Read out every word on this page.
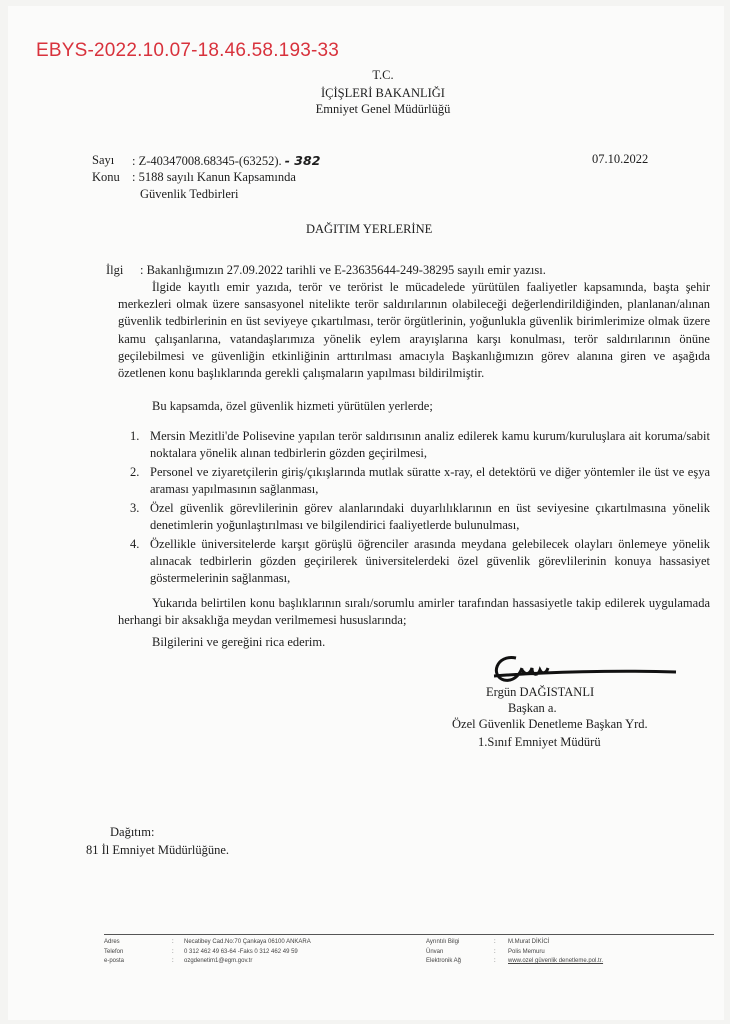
EBYS-2022.10.07-18.46.58.193-33
T.C.
İÇİŞLERİ BAKANLIĞI
Emniyet Genel Müdürlüğü
Sayı : Z-40347008.68345-(63252). - 382	07.10.2022
Konu : 5188 sayılı Kanun Kapsamında
Güvenlik Tedbirleri
DAĞITIM YERLERİNE
İlgi : Bakanlığımızın 27.09.2022 tarihli ve E-23635644-249-38295 sayılı emir yazısı.
İlgide kayıtlı emir yazıda, terör ve terörist le mücadelede yürütülen faaliyetler kapsamında, başta şehir merkezleri olmak üzere sansasyonel nitelikte terör saldırılarının olabileceği değerlendirildiğinden, planlanan/alınan güvenlik tedbirlerinin en üst seviyeye çıkartılması, terör örgütlerinin, yoğunlukla güvenlik birimlerimize olmak üzere kamu çalışanlarına, vatandaşlarımıza yönelik eylem arayışlarına karşı konulması, terör saldırılarının önüne geçilebilmesi ve güvenliğin etkinliğinin arttırılması amacıyla Başkanlığımızın görev alanına giren ve aşağıda özetlenen konu başlıklarında gerekli çalışmaların yapılması bildirilmiştir.
Bu kapsamda, özel güvenlik hizmeti yürütülen yerlerde;
1. Mersin Mezitli'de Polisevine yapılan terör saldırısının analiz edilerek kamu kurum/kuruluşlara ait koruma/sabit noktalara yönelik alınan tedbirlerin gözden geçirilmesi,
2. Personel ve ziyaretçilerin giriş/çıkışlarında mutlak süratte x-ray, el detektörü ve diğer yöntemler ile üst ve eşya araması yapılmasının sağlanması,
3. Özel güvenlik görevlilerinin görev alanlarındaki duyarlılıklarının en üst seviyesine çıkartılmasına yönelik denetimlerin yoğunlaştırılması ve bilgilendirici faaliyetlerde bulunulması,
4. Özellikle üniversitelerde karşıt görüşlü öğrenciler arasında meydana gelebilecek olayları önlemeye yönelik alınacak tedbirlerin gözden geçirilerek üniversitelerdeki özel güvenlik görevlilerinin konuya hassasiyet göstermelerinin sağlanması,
Yukarıda belirtilen konu başlıklarının sıralı/sorumlu amirler tarafından hassasiyetle takip edilerek uygulamada herhangi bir aksaklığa meydan verilmemesi hususlarında;
Bilgilerini ve gereğini rica ederim.
Ergün DAĞISTANLI
Başkan a.
Özel Güvenlik Denetleme Başkan Yrd.
1.Sınıf Emniyet Müdürü
Dağıtım:
81 İl Emniyet Müdürlüğüne.
Adres	:	Necatibey Cad.No:70 Çankaya 06100 ANKARA
Telefon	:	0 312 462 49 63-64 -Faks 0 312 462 49 59
e-posta	:	ozgdenetim1@egm.gov.tr
Ayrıntılı Bilgi	:	M.Murat DİKİCİ
Ünvan	:	Polis Memuru
Elektronik Ağ	:	www.ozel güvenlik denetleme.pol.tr.
